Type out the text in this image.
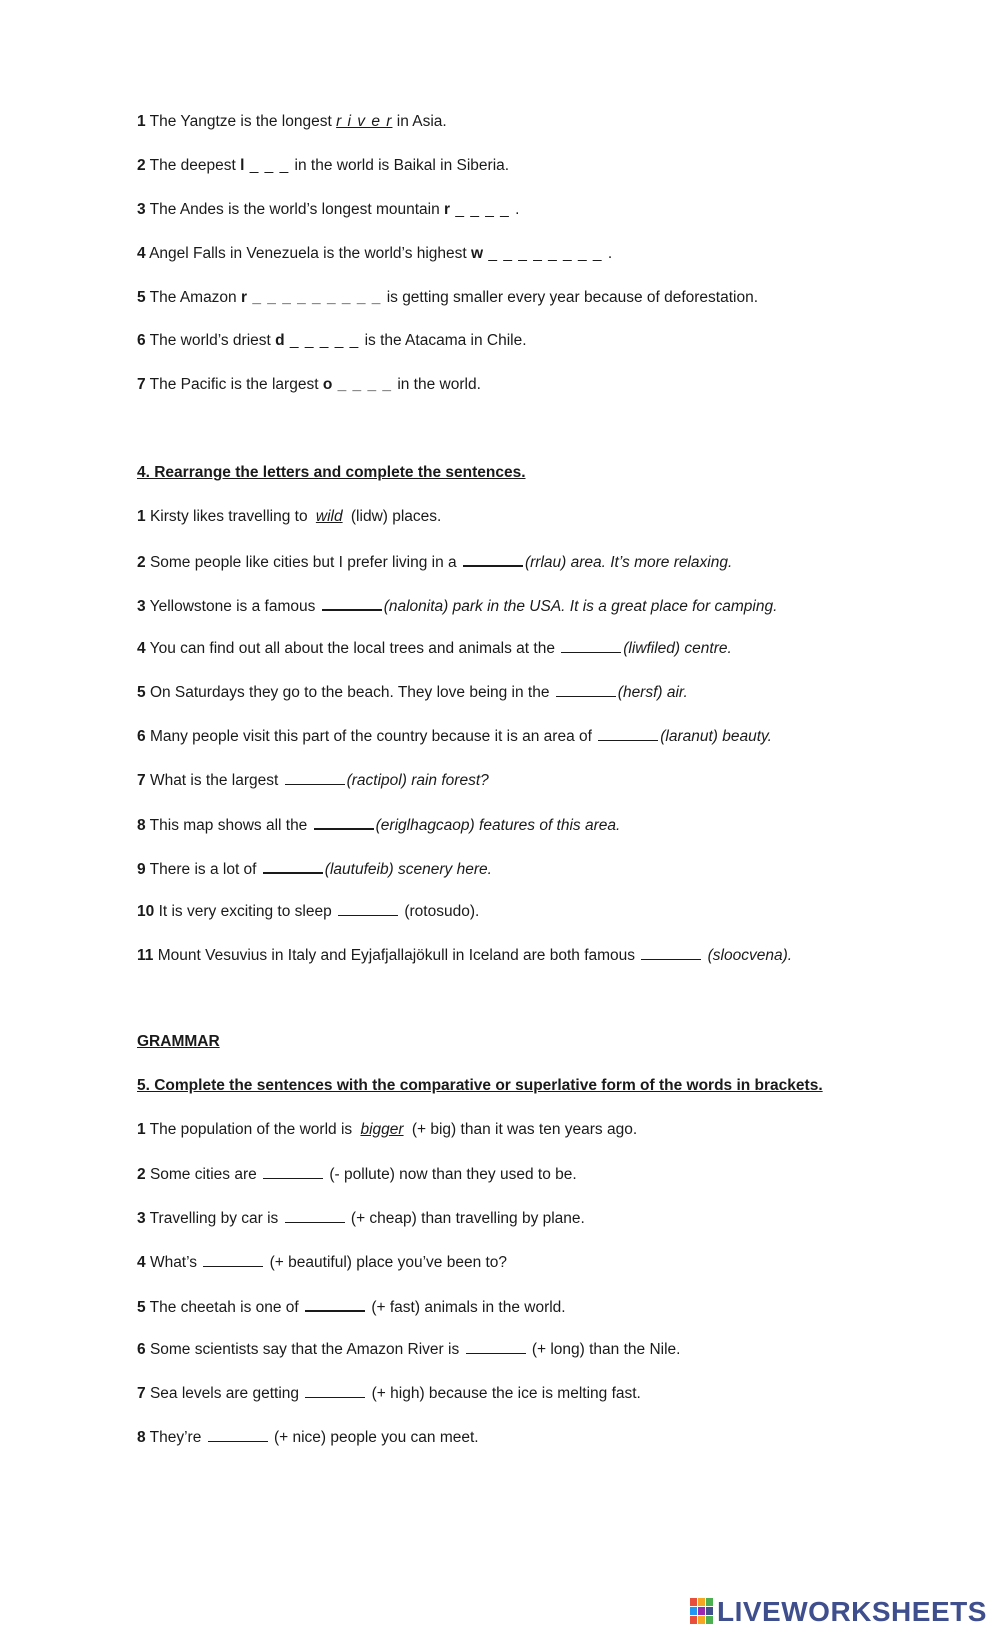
1 The Yangtze is the longest r i v e r in Asia.
2 The deepest l _ _ _ in the world is Baikal in Siberia.
3 The Andes is the world’s longest mountain r _ _ _ _ .
4 Angel Falls in Venezuela is the world’s highest w _ _ _ _ _ _ _ _ .
5 The Amazon r _ _ _ _ _ _ _ _ _ is getting smaller every year because of deforestation.
6 The world’s driest d _ _ _ _ _ is the Atacama in Chile.
7 The Pacific is the largest o _ _ _ _ in the world.
4. Rearrange the letters and complete the sentences.
1 Kirsty likes travelling to wild (lidw) places.
2 Some people like cities but I prefer living in a	(rrlau) area. It’s more relaxing.
3 Yellowstone is a famous	(nalonita) park in the USA. It is a great place for camping.
4 You can find out all about the local trees and animals at the	(liwfiled) centre.
5 On Saturdays they go to the beach. They love being in the	(hersf) air.
6 Many people visit this part of the country because it is an area of	(laranut) beauty.
7 What is the largest	(ractipol) rain forest?
8 This map shows all the	(eriglhagcaop) features of this area.
9 There is a lot of	(lautufeib) scenery here.
10 It is very exciting to sleep	(rotosudo).
11 Mount Vesuvius in Italy and Eyjafjallajökull in Iceland are both famous	(sloocvena).
GRAMMAR
5. Complete the sentences with the comparative or superlative form of the words in brackets.
1 The population of the world is bigger (+ big) than it was ten years ago.
2 Some cities are	(- pollute) now than they used to be.
3 Travelling by car is	(+ cheap) than travelling by plane.
4 What’s	(+ beautiful) place you’ve been to?
5 The cheetah is one of	(+ fast) animals in the world.
6 Some scientists say that the Amazon River is	(+ long) than the Nile.
7 Sea levels are getting	(+ high) because the ice is melting fast.
8 They’re	(+ nice) people you can meet.
LIVEWORKSHEETS
